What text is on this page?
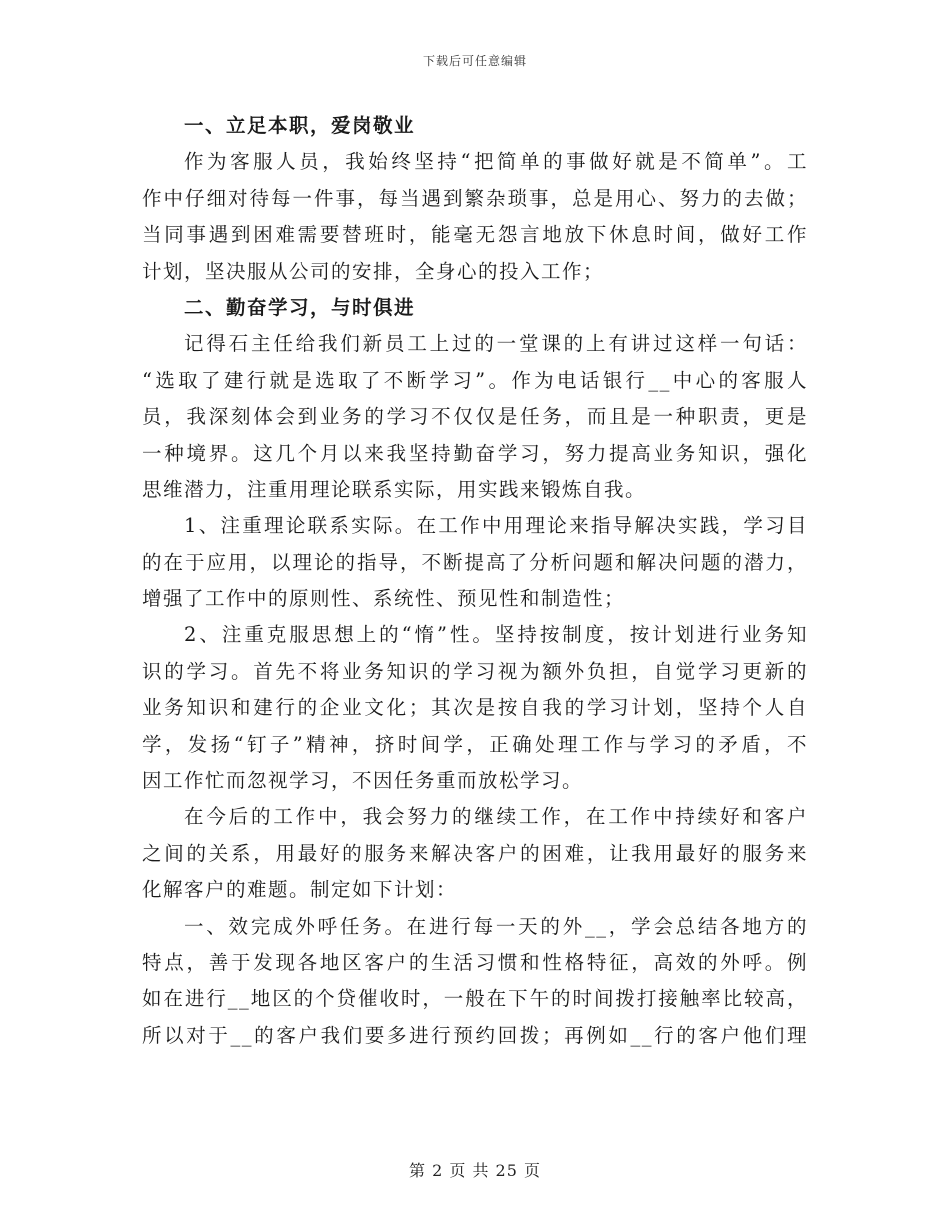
下载后可任意编辑
一、立足本职，爱岗敬业
作为客服人员，我始终坚持“把简单的事做好就是不简单”。工
作中仔细对待每一件事，每当遇到繁杂琐事，总是用心、努力的去做；
当同事遇到困难需要替班时，能毫无怨言地放下休息时间，做好工作
计划，坚决服从公司的安排，全身心的投入工作；
二、勤奋学习，与时俱进
记得石主任给我们新员工上过的一堂课的上有讲过这样一句话：
“选取了建行就是选取了不断学习”。作为电话银行__中心的客服人
员，我深刻体会到业务的学习不仅仅是任务，而且是一种职责，更是
一种境界。这几个月以来我坚持勤奋学习，努力提高业务知识，强化
思维潜力，注重用理论联系实际，用实践来锻炼自我。
1、注重理论联系实际。在工作中用理论来指导解决实践，学习目
的在于应用，以理论的指导，不断提高了分析问题和解决问题的潜力，
增强了工作中的原则性、系统性、预见性和制造性；
2、注重克服思想上的“惰”性。坚持按制度，按计划进行业务知
识的学习。首先不将业务知识的学习视为额外负担，自觉学习更新的
业务知识和建行的企业文化；其次是按自我的学习计划，坚持个人自
学，发扬“钉子”精神，挤时间学，正确处理工作与学习的矛盾，不
因工作忙而忽视学习，不因任务重而放松学习。
在今后的工作中，我会努力的继续工作，在工作中持续好和客户
之间的关系，用最好的服务来解决客户的困难，让我用最好的服务来
化解客户的难题。制定如下计划：
一、效完成外呼任务。在进行每一天的外__，学会总结各地方的
特点，善于发现各地区客户的生活习惯和性格特征，高效的外呼。例
如在进行__地区的个贷催收时，一般在下午的时间拨打接触率比较高，
所以对于__的客户我们要多进行预约回拨；再例如__行的客户他们理
第 2 页 共 25 页
